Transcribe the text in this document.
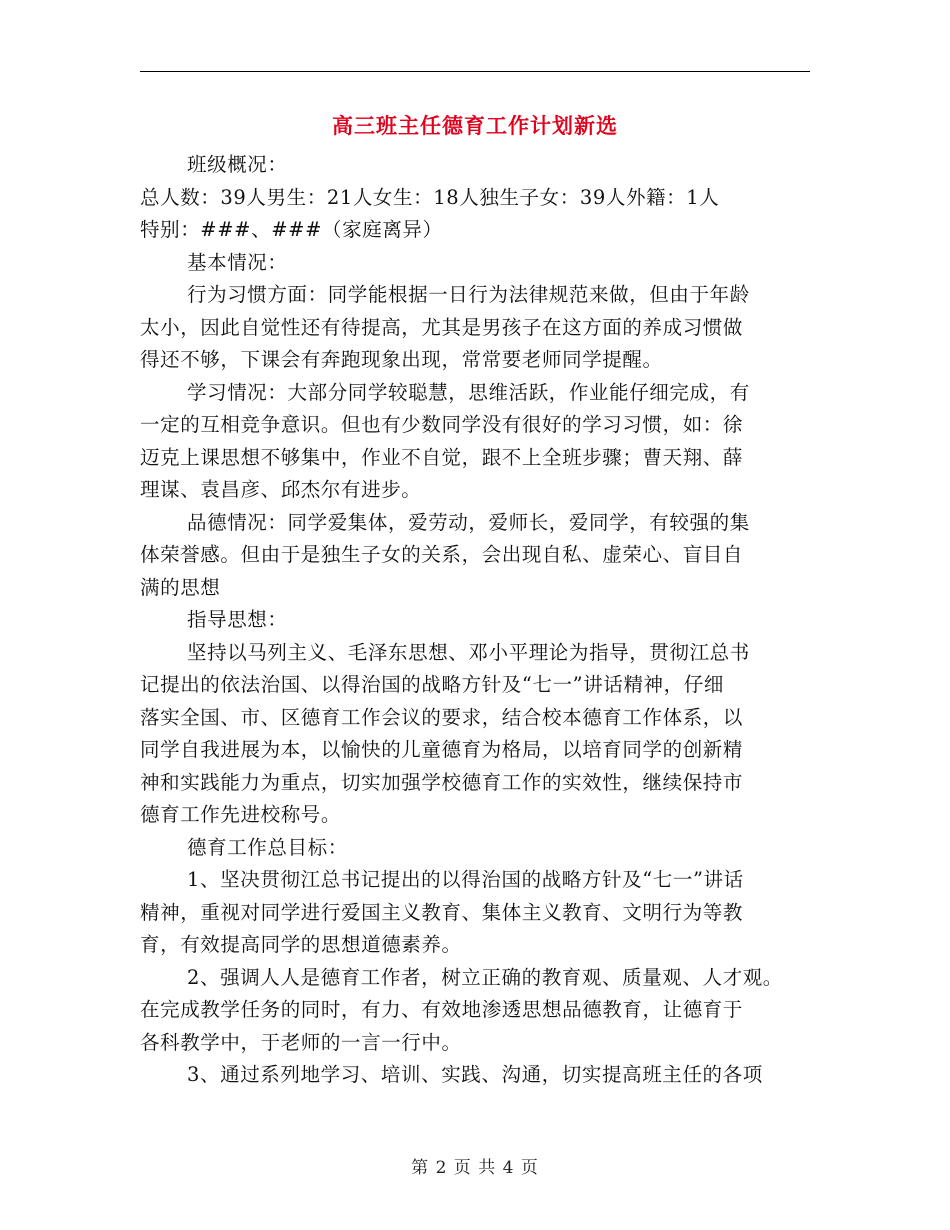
高三班主任德育工作计划新选
班级概况：
总人数：39人男生：21人女生：18人独生子女：39人外籍：1人
特别：###、###（家庭离异）
基本情况：
行为习惯方面：同学能根据一日行为法律规范来做，但由于年龄
太小，因此自觉性还有待提高，尤其是男孩子在这方面的养成习惯做
得还不够，下课会有奔跑现象出现，常常要老师同学提醒。
学习情况：大部分同学较聪慧，思维活跃，作业能仔细完成，有
一定的互相竞争意识。但也有少数同学没有很好的学习习惯，如：徐
迈克上课思想不够集中，作业不自觉，跟不上全班步骤；曹天翔、薛
理谋、袁昌彦、邱杰尔有进步。
品德情况：同学爱集体，爱劳动，爱师长，爱同学，有较强的集
体荣誉感。但由于是独生子女的关系，会出现自私、虚荣心、盲目自
满的思想
指导思想：
坚持以马列主义、毛泽东思想、邓小平理论为指导，贯彻江总书
记提出的依法治国、以得治国的战略方针及“七一”讲话精神，仔细
落实全国、市、区德育工作会议的要求，结合校本德育工作体系，以
同学自我进展为本，以愉快的儿童德育为格局，以培育同学的创新精
神和实践能力为重点，切实加强学校德育工作的实效性，继续保持市
德育工作先进校称号。
德育工作总目标：
1、坚决贯彻江总书记提出的以得治国的战略方针及“七一”讲话
精神，重视对同学进行爱国主义教育、集体主义教育、文明行为等教
育，有效提高同学的思想道德素养。
2、强调人人是德育工作者，树立正确的教育观、质量观、人才观。
在完成教学任务的同时，有力、有效地渗透思想品德教育，让德育于
各科教学中，于老师的一言一行中。
3、通过系列地学习、培训、实践、沟通，切实提高班主任的各项
第 2 页 共 4 页
